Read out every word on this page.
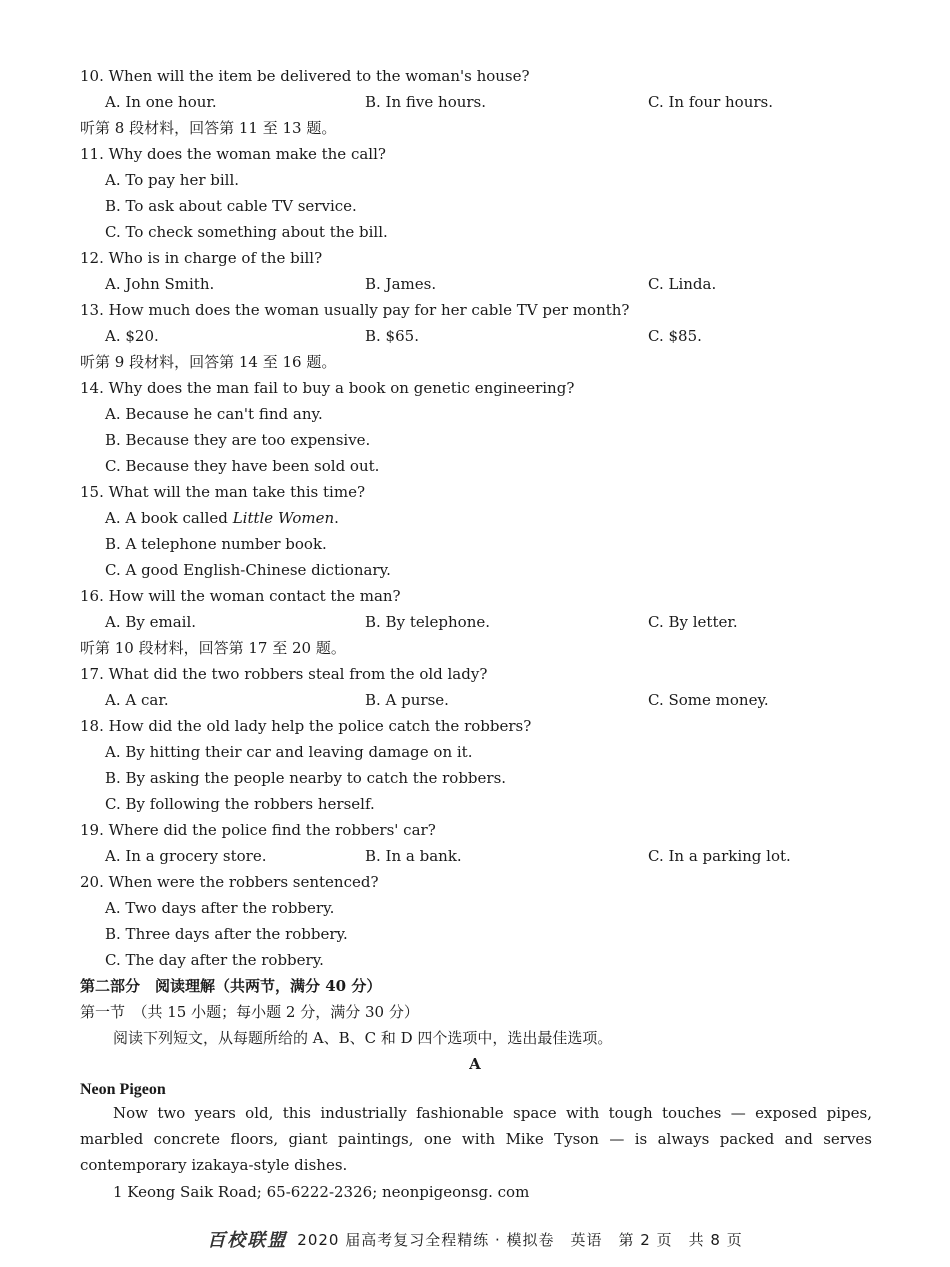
10. When will the item be delivered to the woman's house?
A. In one hour.	B. In five hours.	C. In four hours.
听第 8 段材料，回答第 11 至 13 题。
11. Why does the woman make the call?
A. To pay her bill.
B. To ask about cable TV service.
C. To check something about the bill.
12. Who is in charge of the bill?
A. John Smith.	B. James.	C. Linda.
13. How much does the woman usually pay for her cable TV per month?
A. $20.	B. $65.	C. $85.
听第 9 段材料，回答第 14 至 16 题。
14. Why does the man fail to buy a book on genetic engineering?
A. Because he can't find any.
B. Because they are too expensive.
C. Because they have been sold out.
15. What will the man take this time?
A. A book called Little Women.
B. A telephone number book.
C. A good English-Chinese dictionary.
16. How will the woman contact the man?
A. By email.	B. By telephone.	C. By letter.
听第 10 段材料，回答第 17 至 20 题。
17. What did the two robbers steal from the old lady?
A. A car.	B. A purse.	C. Some money.
18. How did the old lady help the police catch the robbers?
A. By hitting their car and leaving damage on it.
B. By asking the people nearby to catch the robbers.
C. By following the robbers herself.
19. Where did the police find the robbers' car?
A. In a grocery store.	B. In a bank.	C. In a parking lot.
20. When were the robbers sentenced?
A. Two days after the robbery.
B. Three days after the robbery.
C. The day after the robbery.
第二部分　阅读理解（共两节，满分 40 分）
第一节　（共 15 小题；每小题 2 分，满分 30 分）
阅读下列短文，从每题所给的 A、B、C 和 D 四个选项中，选出最佳选项。
A
Neon Pigeon
Now two years old, this industrially fashionable space with tough touches — exposed pipes, marbled concrete floors, giant paintings, one with Mike Tyson — is always packed and serves contemporary izakaya-style dishes.
1 Keong Saik Road; 65-6222-2326; neonpigeonsg. com
百校联盟 2020 届高考复习全程精练 · 模拟卷　英语　第 2 页　共 8 页
